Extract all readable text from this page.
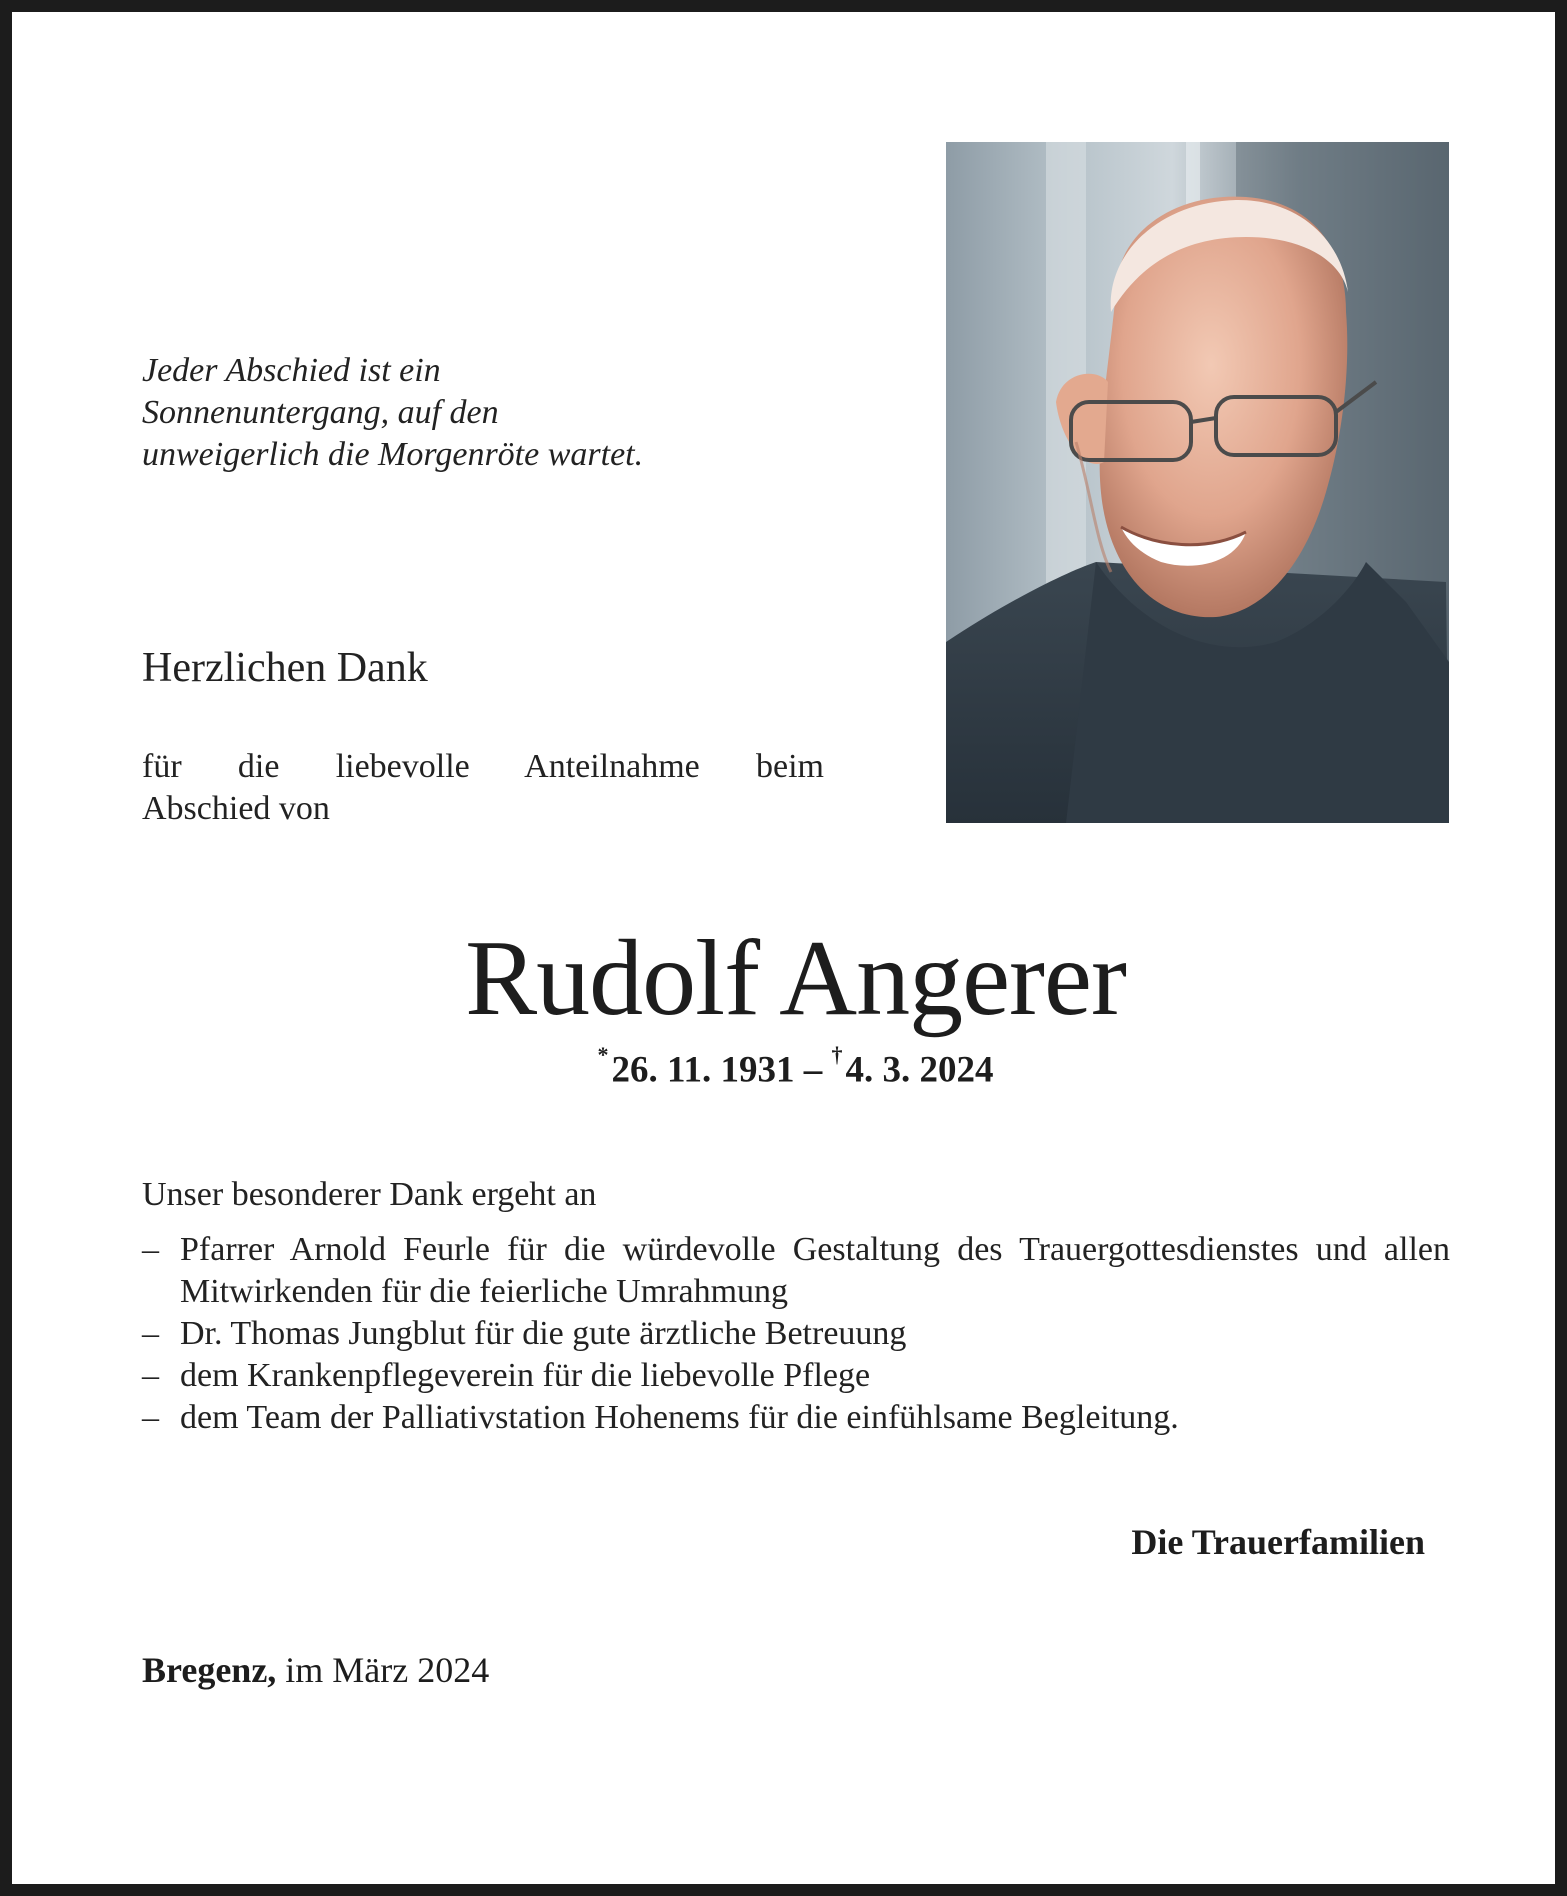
Jeder Abschied ist ein
Sonnenuntergang, auf den
unweigerlich die Morgenröte wartet.
Herzlichen Dank
für die liebevolle Anteilnahme beim
Abschied von
Rudolf Angerer
*26. 11. 1931 – †4. 3. 2024
Unser besonderer Dank ergeht an
– Pfarrer Arnold Feurle für die würdevolle Gestaltung des Trauergottesdienstes und allen Mitwirkenden für die feierliche Umrahmung
– Dr. Thomas Jungblut für die gute ärztliche Betreuung
– dem Krankenpflegeverein für die liebevolle Pflege
– dem Team der Palliativstation Hohenems für die einfühlsame Begleitung.
Die Trauerfamilien
Bregenz, im März 2024
